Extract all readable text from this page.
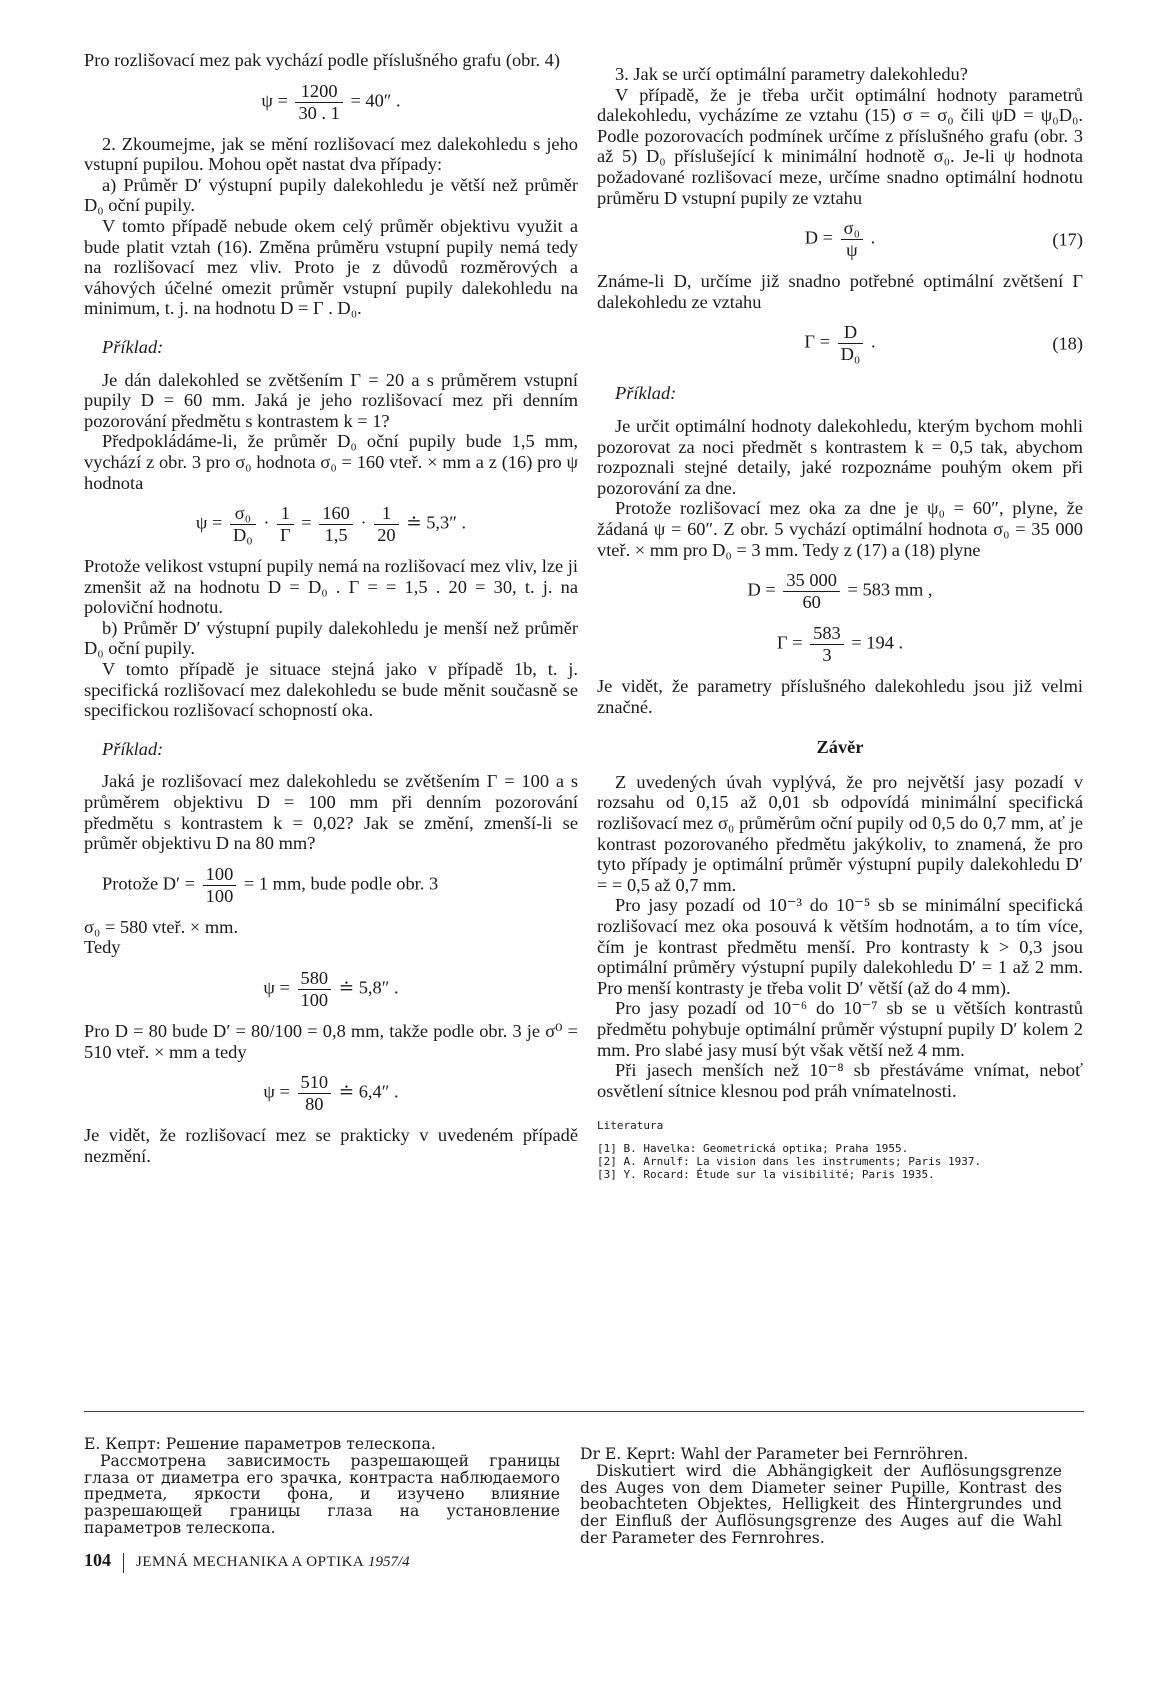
Pro rozlišovací mez pak vychází podle příslušného grafu (obr. 4)

$\psi = \frac{1200}{30 . 1} = 40''$ .

2. Zkoumejme, jak se mění rozlišovací mez dalekohledu s jeho vstupní pupilou. Mohou opět nastat dva případy:

a) Průměr D′ výstupní pupily dalekohledu je větší než průměr D₀ oční pupily.

V tomto případě nebude okem celý průměr objektivu využit a bude platit vztah (16). Změna průměru vstupní pupily nemá tedy na rozlišovací mez vliv. Proto je z důvodů rozměrových a váhových účelné omezit průměr vstupní pupily dalekohledu na minimum, t. j. na hodnotu D = Γ . D₀.

Příklad:

Je dán dalekohled se zvětšením Γ = 20 a s průměrem vstupní pupily D = 60 mm. Jaká je jeho rozlišovací mez při denním pozorování předmětu s kontrastem k = 1?

Předpokládáme-li, že průměr D₀ oční pupily bude 1,5 mm, vychází z obr. 3 pro σ₀ hodnota σ₀ = 160 vteř. × mm a z (16) pro ψ hodnota

$\psi = \frac{\text{σ₀}}{\text{D₀}} \cdot \frac{1}{\Gamma} = \frac{160}{1,5} \cdot \frac{1}{20}$ ≐ 5,3″ .

Protože velikost vstupní pupily nemá na rozlišovací mez vliv, lze ji zmenšit až na hodnotu D = D₀ . Γ = = 1,5 . 20 = 30, t. j. na poloviční hodnotu.

b) Průměr D′ výstupní pupily dalekohledu je menší než průměr D₀ oční pupily.

V tomto případě je situace stejná jako v případě 1b, t. j. specifická rozlišovací mez dalekohledu se bude měnit současně se specifickou rozlišovací schopností oka.

Příklad:

Jaká je rozlišovací mez dalekohledu se zvětšením Γ = 100 a s průměrem objektivu D = 100 mm při denním pozorování předmětu s kontrastem k = 0,02? Jak se změní, zmenší-li se průměr objektivu D na 80 mm?

Protože $D' = \frac{100}{100} = 1$ mm, bude podle obr. 3

σ₀ = 580 vteř. × mm.

Tedy

$\psi = \frac{580}{100}$ ≐ 5,8″ .

Pro D = 80 bude D′ = 80/100 = 0,8 mm, takže podle obr. 3 je σ⁰ = 510 vteř. × mm a tedy

$\psi = \frac{510}{80}$ ≐ 6,4″ .

Je vidět, že rozlišovací mez se prakticky v uvedeném případě nezmění.

3. Jak se určí optimální parametry dalekohledu?

V případě, že je třeba určit optimální hodnoty parametrů dalekohledu, vycházíme ze vztahu (15) σ = σ₀ čili ψD = ψ₀D₀. Podle pozorovacích podmínek určíme z příslušného grafu (obr. 3 až 5) D₀ příslušející k minimální hodnotě σ₀. Je-li ψ hodnota požadované rozlišovací meze, určíme snadno optimální hodnotu průměru D vstupní pupily ze vztahu

$D = \frac{\text{σ₀}}{\psi}$ .	(17)

Známe-li D, určíme již snadno potřebné optimální zvětšení Γ dalekohledu ze vztahu

$\Gamma = \frac{D}{\text{D₀}}$ .	(18)

Příklad:

Je určit optimální hodnoty dalekohledu, kterým bychom mohli pozorovat za noci předmět s kontrastem k = 0,5 tak, abychom rozpoznali stejné detaily, jaké rozpoznáme pouhým okem při pozorování za dne.

Protože rozlišovací mez oka za dne je ψ₀ = 60″, plyne, že žádaná ψ = 60″. Z obr. 5 vychází optimální hodnota σ₀ = 35 000 vteř. × mm pro D₀ = 3 mm. Tedy z (17) a (18) plyne

$D = \frac{35 000}{60} = 583$ mm ,
$\Gamma = \frac{583}{3} = 194$ .

Je vidět, že parametry příslušného dalekohledu jsou již velmi značné.

Závěr

Z uvedených úvah vyplývá, že pro největší jasy pozadí v rozsahu od 0,15 až 0,01 sb odpovídá minimální specifická rozlišovací mez σ₀ průměrům oční pupily od 0,5 do 0,7 mm, ať je kontrast pozorovaného předmětu jakýkoliv, to znamená, že pro tyto případy je optimální průměr výstupní pupily dalekohledu D′ = = 0,5 až 0,7 mm.

Pro jasy pozadí od 10⁻³ do 10⁻⁵ sb se minimální specifická rozlišovací mez oka posouvá k větším hodnotám, a to tím více, čím je kontrast předmětu menší. Pro kontrasty k > 0,3 jsou optimální průměry výstupní pupily dalekohledu D′ = 1 až 2 mm. Pro menší kontrasty je třeba volit D′ větší (až do 4 mm).

Pro jasy pozadí od 10⁻⁶ do 10⁻⁷ sb se u větších kontrastů předmětu pohybuje optimální průměr výstupní pupily D′ kolem 2 mm. Pro slabé jasy musí být však větší než 4 mm.

Při jasech menších než 10⁻⁸ sb přestáváme vnímat, neboť osvětlení sítnice klesnou pod práh vnímatelnosti.

Literatura
[1] B. Havelka: Geometrická optika; Praha 1955.
[2] A. Arnulf: La vision dans les instruments; Paris 1937.
[3] Y. Rocard: Étude sur la visibilité; Paris 1935.
E. Кепрт: Решение параметров телескопа.
Рассмотрена зависимость разрешающей границы глаза от диаметра его зрачка, контраста наблюдаемого предмета, яркости фона, и изучено влияние разрешающей границы глаза на установление параметров телескопа.
Dr E. Keprt: Wahl der Parameter bei Fernröhren.
Diskutiert wird die Abhängigkeit der Auflösungsgrenze des Auges von dem Diameter seiner Pupille, Kontrast des beobachteten Objektes, Helligkeit des Hintergrundes und der Einfluß der Auflösungsgrenze des Auges auf die Wahl der Parameter des Fernrohres.
104 JEMNÁ MECHANIKA A OPTIKA 1957/4
